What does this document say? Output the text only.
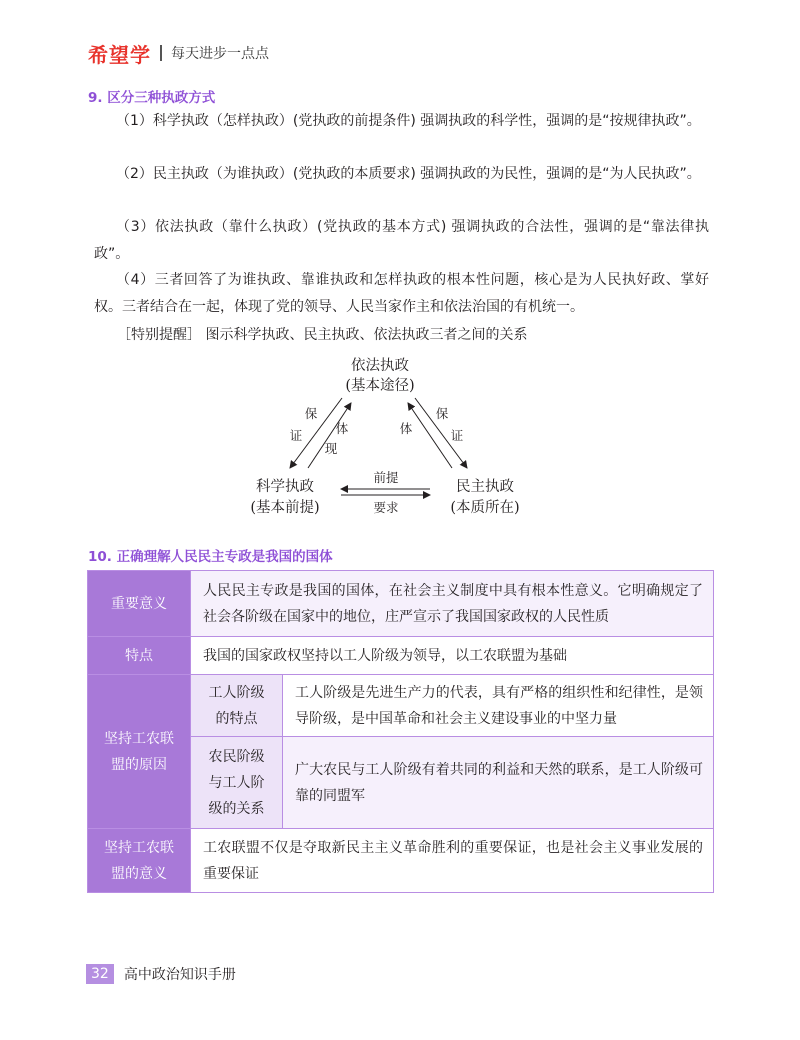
希望学 每天进步一点点
9. 区分三种执政方式
（1）科学执政（怎样执政）(党执政的前提条件) 强调执政的科学性，强调的是“按规律执政”。
（2）民主执政（为谁执政）(党执政的本质要求) 强调执政的为民性，强调的是“为人民执政”。
（3）依法执政（靠什么执政）(党执政的基本方式) 强调执政的合法性，强调的是“靠法律执政”。
（4）三者回答了为谁执政、靠谁执政和怎样执政的根本性问题，核心是为人民执好政、掌好权。三者结合在一起，体现了党的领导、人民当家作主和依法治国的有机统一。
［特别提醒］ 图示科学执政、民主执政、依法执政三者之间的关系
依法执政
(基本途径)
科学执政
(基本前提)
民主执政
(本质所在)
保
证	体
现
体
保
证
前提
要求
10. 正确理解人民民主专政是我国的国体
重要意义	人民民主专政是我国的国体，在社会主义制度中具有根本性意义。它明确规定了社会各阶级在国家中的地位，庄严宣示了我国国家政权的人民性质	
特点	我国的国家政权坚持以工人阶级为领导，以工农联盟为基础	
坚持工农联盟的原因	工人阶级的特点	工人阶级是先进生产力的代表，具有严格的组织性和纪律性，是领导阶级，是中国革命和社会主义建设事业的中坚力量
	农民阶级与工人阶级的关系	广大农民与工人阶级有着共同的利益和天然的联系，是工人阶级可靠的同盟军
坚持工农联盟的意义	工农联盟不仅是夺取新民主主义革命胜利的重要保证，也是社会主义事业发展的重要保证	
32	高中政治知识手册
